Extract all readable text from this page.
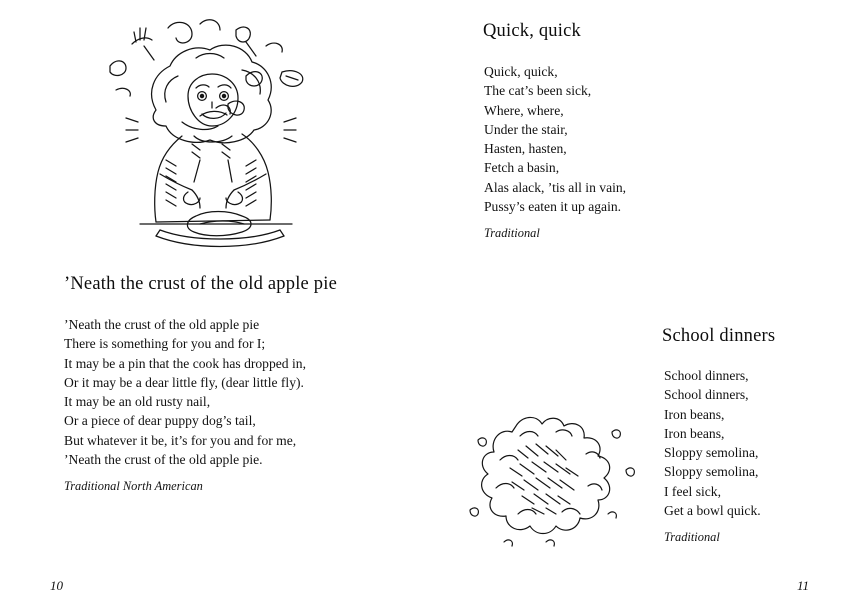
’Neath the crust of the old apple pie
’Neath the crust of the old apple pie
There is something for you and for I;
It may be a pin that the cook has dropped in,
Or it may be a dear little fly, (dear little fly).
It may be an old rusty nail,
Or a piece of dear puppy dog’s tail,
But whatever it be, it’s for you and for me,
’Neath the crust of the old apple pie.

Traditional North American

10
Quick, quick
Quick, quick,
The cat’s been sick,
Where, where,
Under the stair,
Hasten, hasten,
Fetch a basin,
Alas alack, ’tis all in vain,
Pussy’s eaten it up again.

Traditional

School dinners
School dinners,
School dinners,
Iron beans,
Iron beans,
Sloppy semolina,
Sloppy semolina,
I feel sick,
Get a bowl quick.

Traditional

11
